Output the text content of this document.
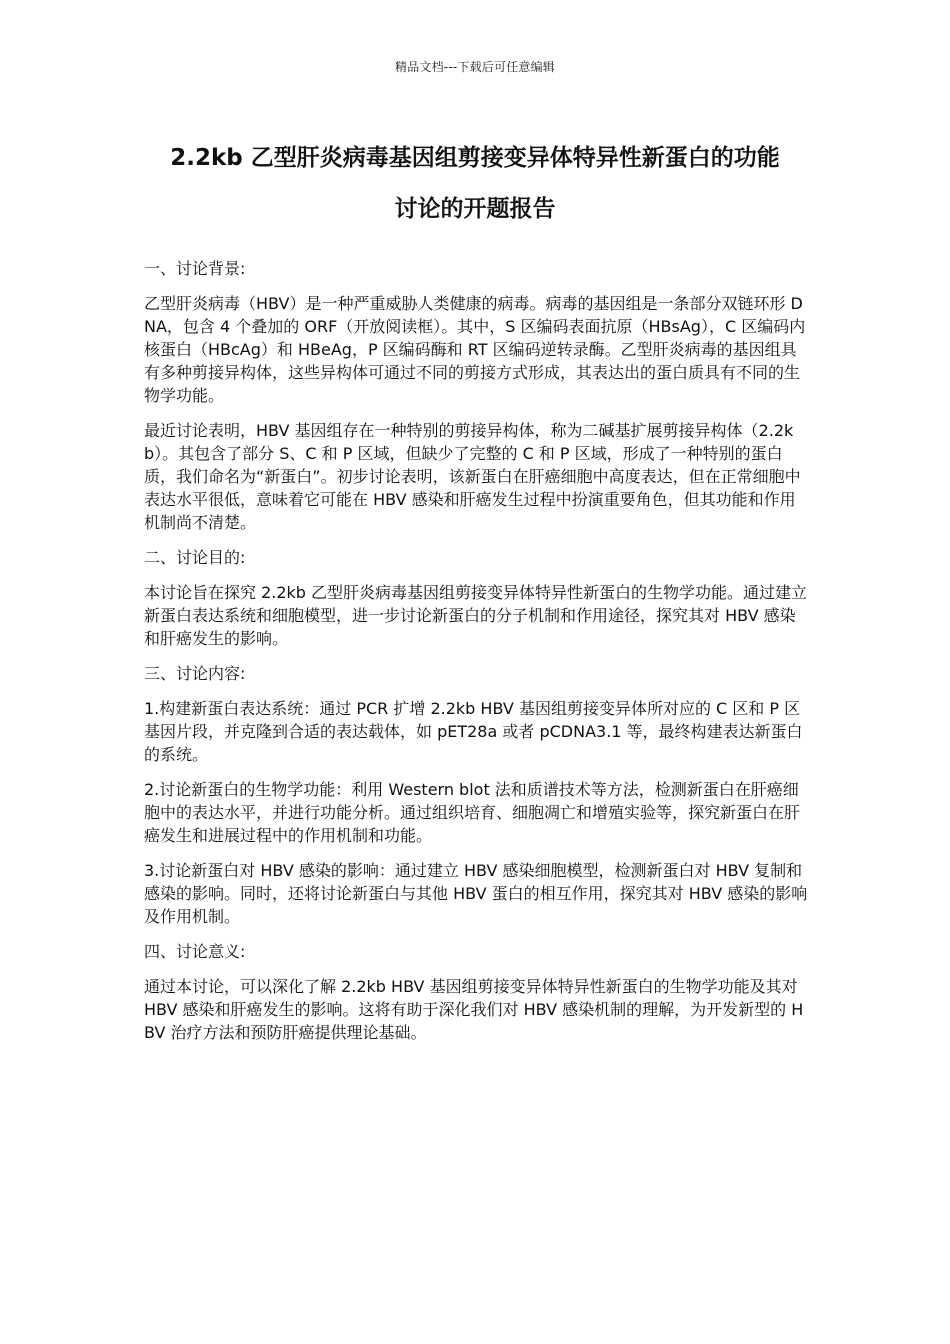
精品文档---下载后可任意编辑
2.2kb 乙型肝炎病毒基因组剪接变异体特异性新蛋白的功能
讨论的开题报告

一、讨论背景:

乙型肝炎病毒（HBV）是一种严重威胁人类健康的病毒。病毒的基因组是一条部分双链环形 DNA，包含 4 个叠加的 ORF（开放阅读框）。其中，S 区编码表面抗原（HBsAg），C 区编码内核蛋白（HBcAg）和 HBeAg，P 区编码酶和 RT 区编码逆转录酶。乙型肝炎病毒的基因组具有多种剪接异构体，这些异构体可通过不同的剪接方式形成，其表达出的蛋白质具有不同的生物学功能。

最近讨论表明，HBV 基因组存在一种特别的剪接异构体，称为二碱基扩展剪接异构体（2.2kb）。其包含了部分 S、C 和 P 区域，但缺少了完整的 C 和 P 区域，形成了一种特别的蛋白质，我们命名为“新蛋白”。初步讨论表明，该新蛋白在肝癌细胞中高度表达，但在正常细胞中表达水平很低，意味着它可能在 HBV 感染和肝癌发生过程中扮演重要角色，但其功能和作用机制尚不清楚。

二、讨论目的:

本讨论旨在探究 2.2kb 乙型肝炎病毒基因组剪接变异体特异性新蛋白的生物学功能。通过建立新蛋白表达系统和细胞模型，进一步讨论新蛋白的分子机制和作用途径，探究其对 HBV 感染和肝癌发生的影响。

三、讨论内容:

1.构建新蛋白表达系统：通过 PCR 扩增 2.2kb HBV 基因组剪接变异体所对应的 C 区和 P 区基因片段，并克隆到合适的表达载体，如 pET28a 或者 pCDNA3.1 等，最终构建表达新蛋白的系统。

2.讨论新蛋白的生物学功能：利用 Western blot 法和质谱技术等方法，检测新蛋白在肝癌细胞中的表达水平，并进行功能分析。通过组织培育、细胞凋亡和增殖实验等，探究新蛋白在肝癌发生和进展过程中的作用机制和功能。

3.讨论新蛋白对 HBV 感染的影响：通过建立 HBV 感染细胞模型，检测新蛋白对 HBV 复制和感染的影响。同时，还将讨论新蛋白与其他 HBV 蛋白的相互作用，探究其对 HBV 感染的影响及作用机制。

四、讨论意义:

通过本讨论，可以深化了解 2.2kb HBV 基因组剪接变异体特异性新蛋白的生物学功能及其对 HBV 感染和肝癌发生的影响。这将有助于深化我们对 HBV 感染机制的理解，为开发新型的 HBV 治疗方法和预防肝癌提供理论基础。
